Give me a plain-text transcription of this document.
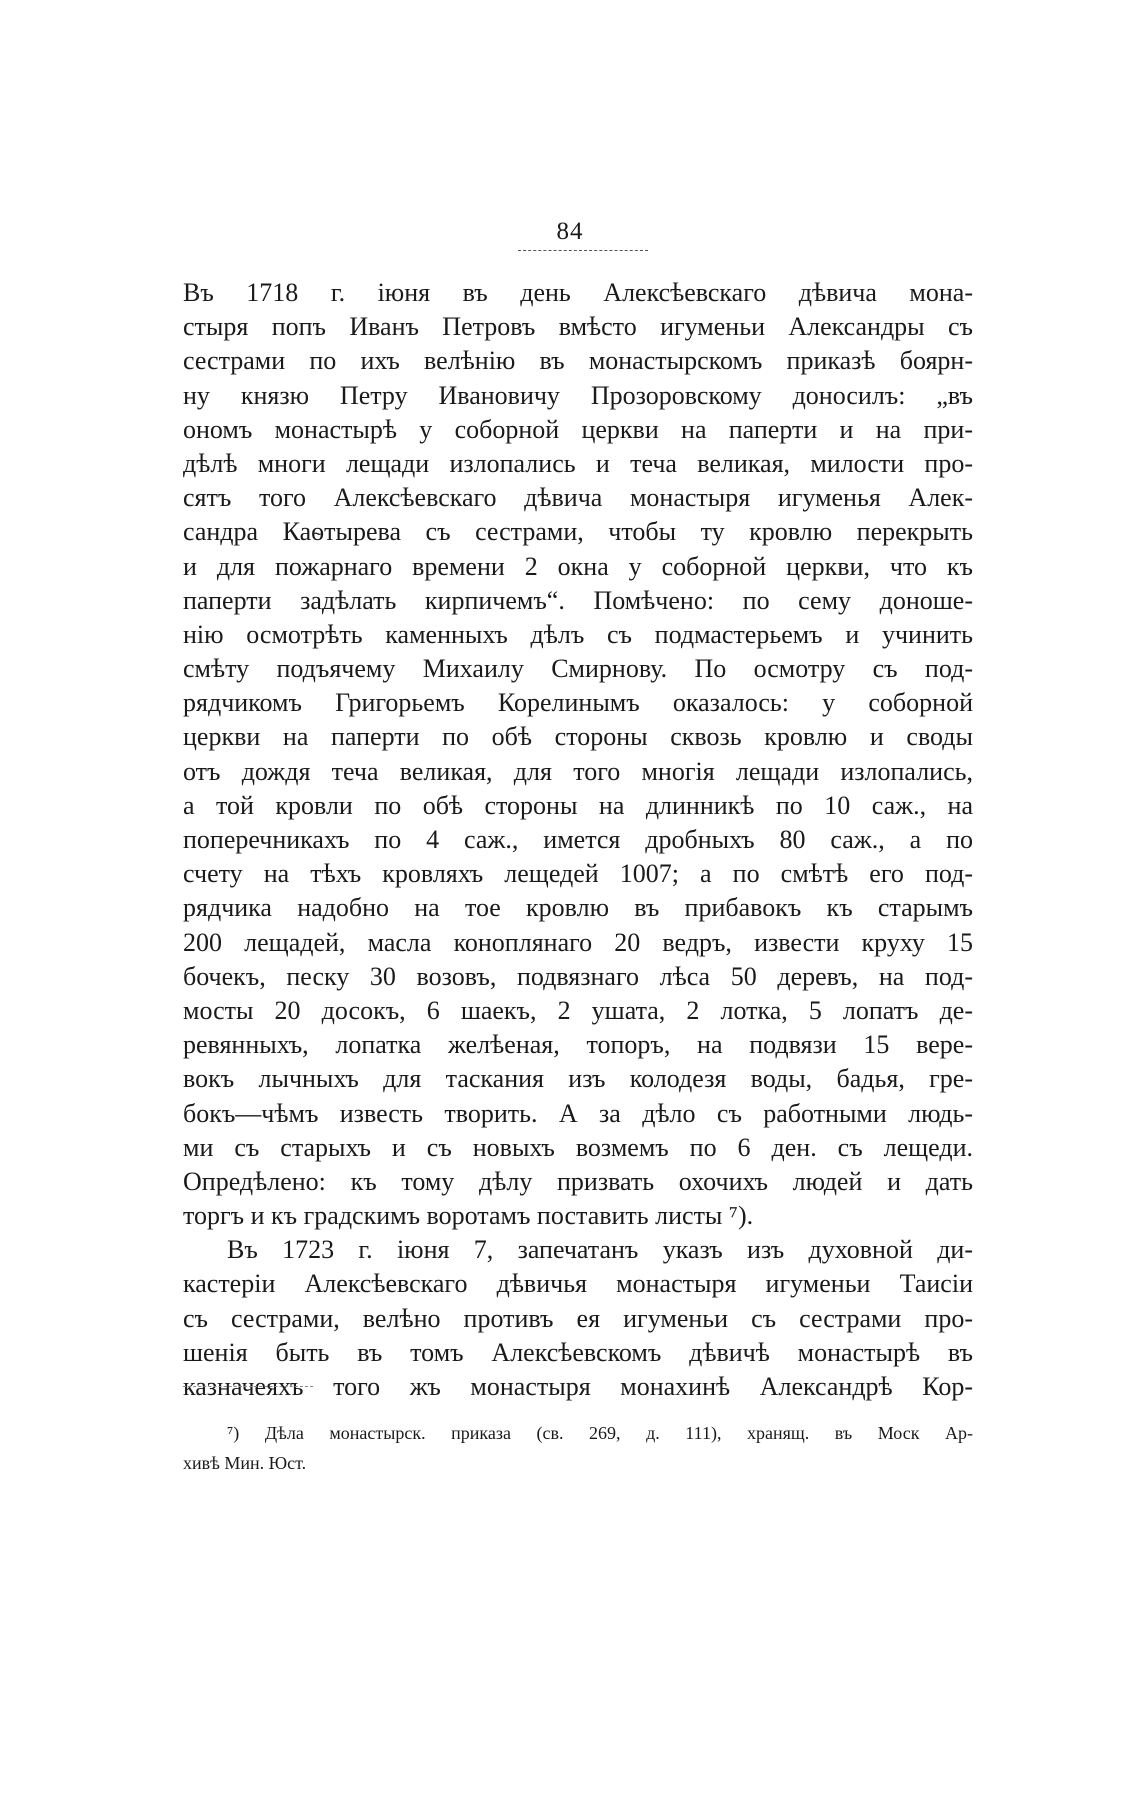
84
Въ 1718 г. іюня въ день Алексѣевскаго дѣвича мона-
стыря попъ Иванъ Петровъ вмѣсто игуменьи Александры съ
сестрами по ихъ велѣнію въ монастырскомъ приказѣ боярн-
ну князю Петру Ивановичу Прозоровскому доносилъ: „въ
ономъ монастырѣ у соборной церкви на паперти и на при-
дѣлѣ многи лещади излопались и теча великая, милости про-
сятъ того Алексѣевскаго дѣвича монастыря игуменья Алек-
сандра Каѳтырева съ сестрами, чтобы ту кровлю перекрыть
и для пожарнаго времени 2 окна у соборной церкви, что къ
паперти задѣлать кирпичемъ“. Помѣчено: по сему доноше-
нію осмотрѣть каменныхъ дѣлъ съ подмастерьемъ и учинить
смѣту подъячему Михаилу Смирнову. По осмотру съ под-
рядчикомъ Григорьемъ Корелинымъ оказалось: у соборной
церкви на паперти по обѣ стороны сквозь кровлю и своды
отъ дождя теча великая, для того многія лещади излопались,
а той кровли по обѣ стороны на длинникѣ по 10 саж., на
поперечникахъ по 4 саж., имется дробныхъ 80 саж., а по
счету на тѣхъ кровляхъ лещедей 1007; а по смѣтѣ его под-
рядчика надобно на тое кровлю въ прибавокъ къ старымъ
200 лещадей, масла коноплянаго 20 ведръ, извести круху 15
бочекъ, песку 30 возовъ, подвязнаго лѣса 50 деревъ, на под-
мосты 20 досокъ, 6 шаекъ, 2 ушата, 2 лотка, 5 лопатъ де-
ревянныхъ, лопатка желѣеная, топоръ, на подвязи 15 вере-
вокъ лычныхъ для таскания изъ колодезя воды, бадья, гре-
бокъ—чѣмъ известь творить. А за дѣло съ работными людь-
ми съ старыхъ и съ новыхъ возмемъ по 6 ден. съ лещеди.
Опредѣлено: къ тому дѣлу призвать охочихъ людей и дать
торгъ и къ градскимъ воротамъ поставить листы ⁷).
Въ 1723 г. іюня 7, запечатанъ указъ изъ духовной ди-
кастеріи Алексѣевскаго дѣвичья монастыря игуменьи Таисіи
съ сестрами, велѣно противъ ея игуменьи съ сестрами про-
шенія быть въ томъ Алексѣевскомъ дѣвичѣ монастырѣ въ
казначеяхъ того жъ монастыря монахинѣ Александрѣ Кор-
⁷) Дѣла монастырск. приказа (св. 269, д. 111), хранящ. въ Моск Ар-
хивѣ Мин. Юст.
